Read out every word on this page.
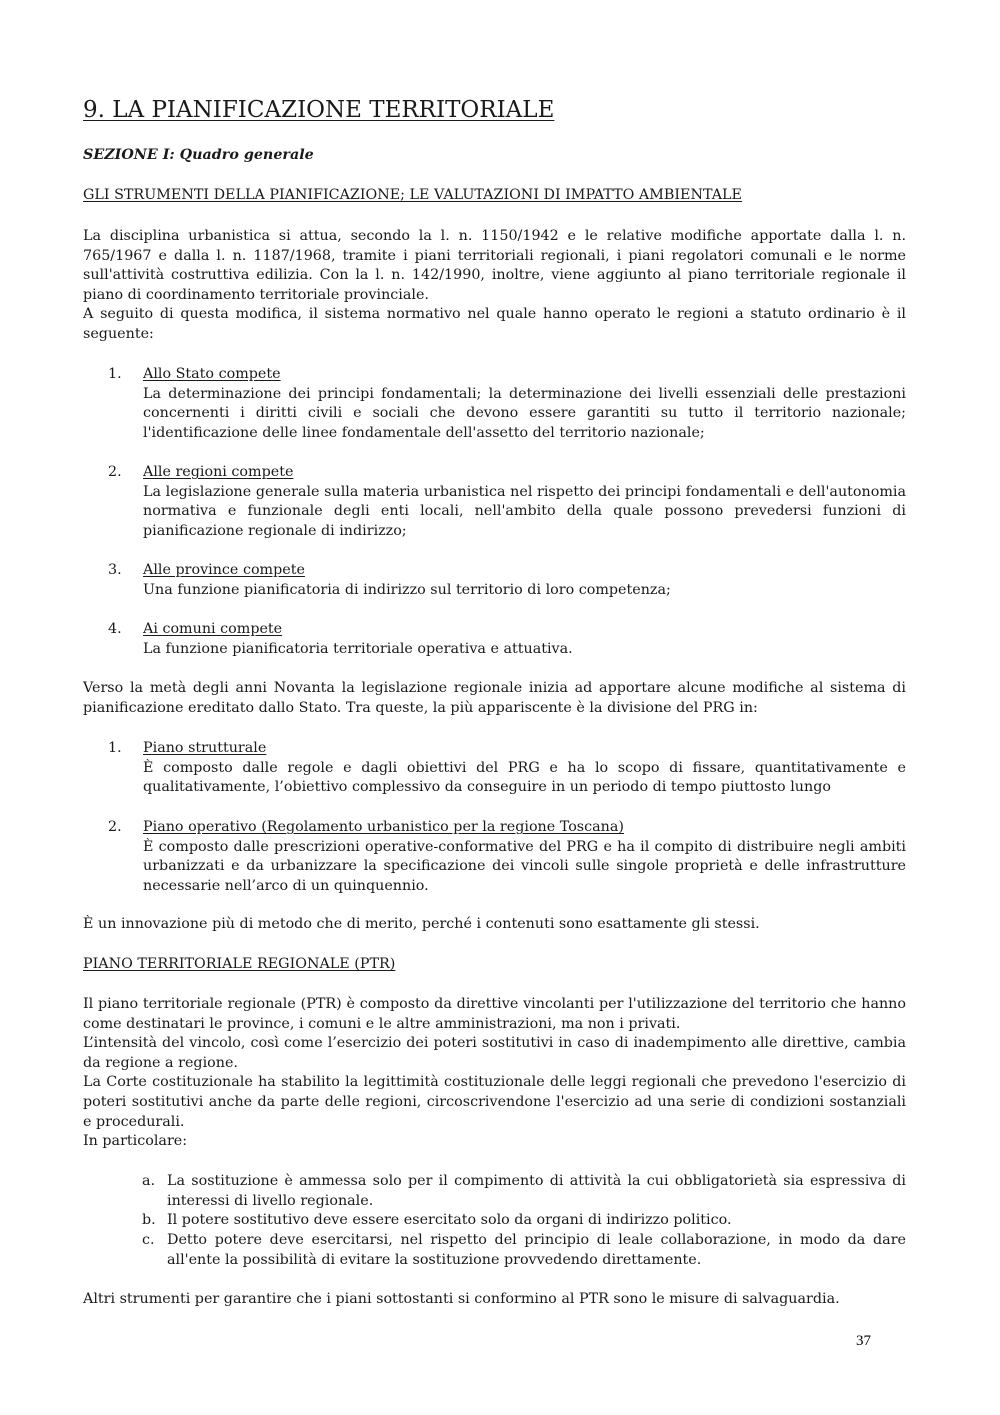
9. LA PIANIFICAZIONE TERRITORIALE
SEZIONE I: Quadro generale
GLI STRUMENTI DELLA PIANIFICAZIONE; LE VALUTAZIONI DI IMPATTO AMBIENTALE

La disciplina urbanistica si attua, secondo la l. n. 1150/1942 e le relative modifiche apportate dalla l. n. 765/1967 e dalla l. n. 1187/1968, tramite i piani territoriali regionali, i piani regolatori comunali e le norme sull'attività costruttiva edilizia. Con la l. n. 142/1990, inoltre, viene aggiunto al piano territoriale regionale il piano di coordinamento territoriale provinciale.

A seguito di questa modifica, il sistema normativo nel quale hanno operato le regioni a statuto ordinario è il seguente:

1. Allo Stato compete

La determinazione dei principi fondamentali; la determinazione dei livelli essenziali delle prestazioni concernenti i diritti civili e sociali che devono essere garantiti su tutto il territorio nazionale; l'identificazione delle linee fondamentale dell'assetto del territorio nazionale;

2. Alle regioni compete

La legislazione generale sulla materia urbanistica nel rispetto dei principi fondamentali e dell'autonomia normativa e funzionale degli enti locali, nell'ambito della quale possono prevedersi funzioni di pianificazione regionale di indirizzo;

3. Alle province compete

Una funzione pianificatoria di indirizzo sul territorio di loro competenza;

4. Ai comuni compete

La funzione pianificatoria territoriale operativa e attuativa.

Verso la metà degli anni Novanta la legislazione regionale inizia ad apportare alcune modifiche al sistema di pianificazione ereditato dallo Stato. Tra queste, la più appariscente è la divisione del PRG in:

1. Piano strutturale

È composto dalle regole e dagli obiettivi del PRG e ha lo scopo di fissare, quantitativamente e qualitativamente, l’obiettivo complessivo da conseguire in un periodo di tempo piuttosto lungo

2. Piano operativo (Regolamento urbanistico per la regione Toscana)

È composto dalle prescrizioni operative-conformative del PRG e ha il compito di distribuire negli ambiti urbanizzati e da urbanizzare la specificazione dei vincoli sulle singole proprietà e delle infrastrutture necessarie nell’arco di un quinquennio.

È un innovazione più di metodo che di merito, perché i contenuti sono esattamente gli stessi.

PIANO TERRITORIALE REGIONALE (PTR)

Il piano territoriale regionale (PTR) è composto da direttive vincolanti per l'utilizzazione del territorio che hanno come destinatari le province, i comuni e le altre amministrazioni, ma non i privati.

L’intensità del vincolo, così come l’esercizio dei poteri sostitutivi in caso di inadempimento alle direttive, cambia da regione a regione.

La Corte costituzionale ha stabilito la legittimità costituzionale delle leggi regionali che prevedono l'esercizio di poteri sostitutivi anche da parte delle regioni, circoscrivendone l'esercizio ad una serie di condizioni sostanziali e procedurali.

In particolare:

a. La sostituzione è ammessa solo per il compimento di attività la cui obbligatorietà sia espressiva di interessi di livello regionale.

b. Il potere sostitutivo deve essere esercitato solo da organi di indirizzo politico.

c. Detto potere deve esercitarsi, nel rispetto del principio di leale collaborazione, in modo da dare all'ente la possibilità di evitare la sostituzione provvedendo direttamente.

Altri strumenti per garantire che i piani sottostanti si conformino al PTR sono le misure di salvaguardia.

37
